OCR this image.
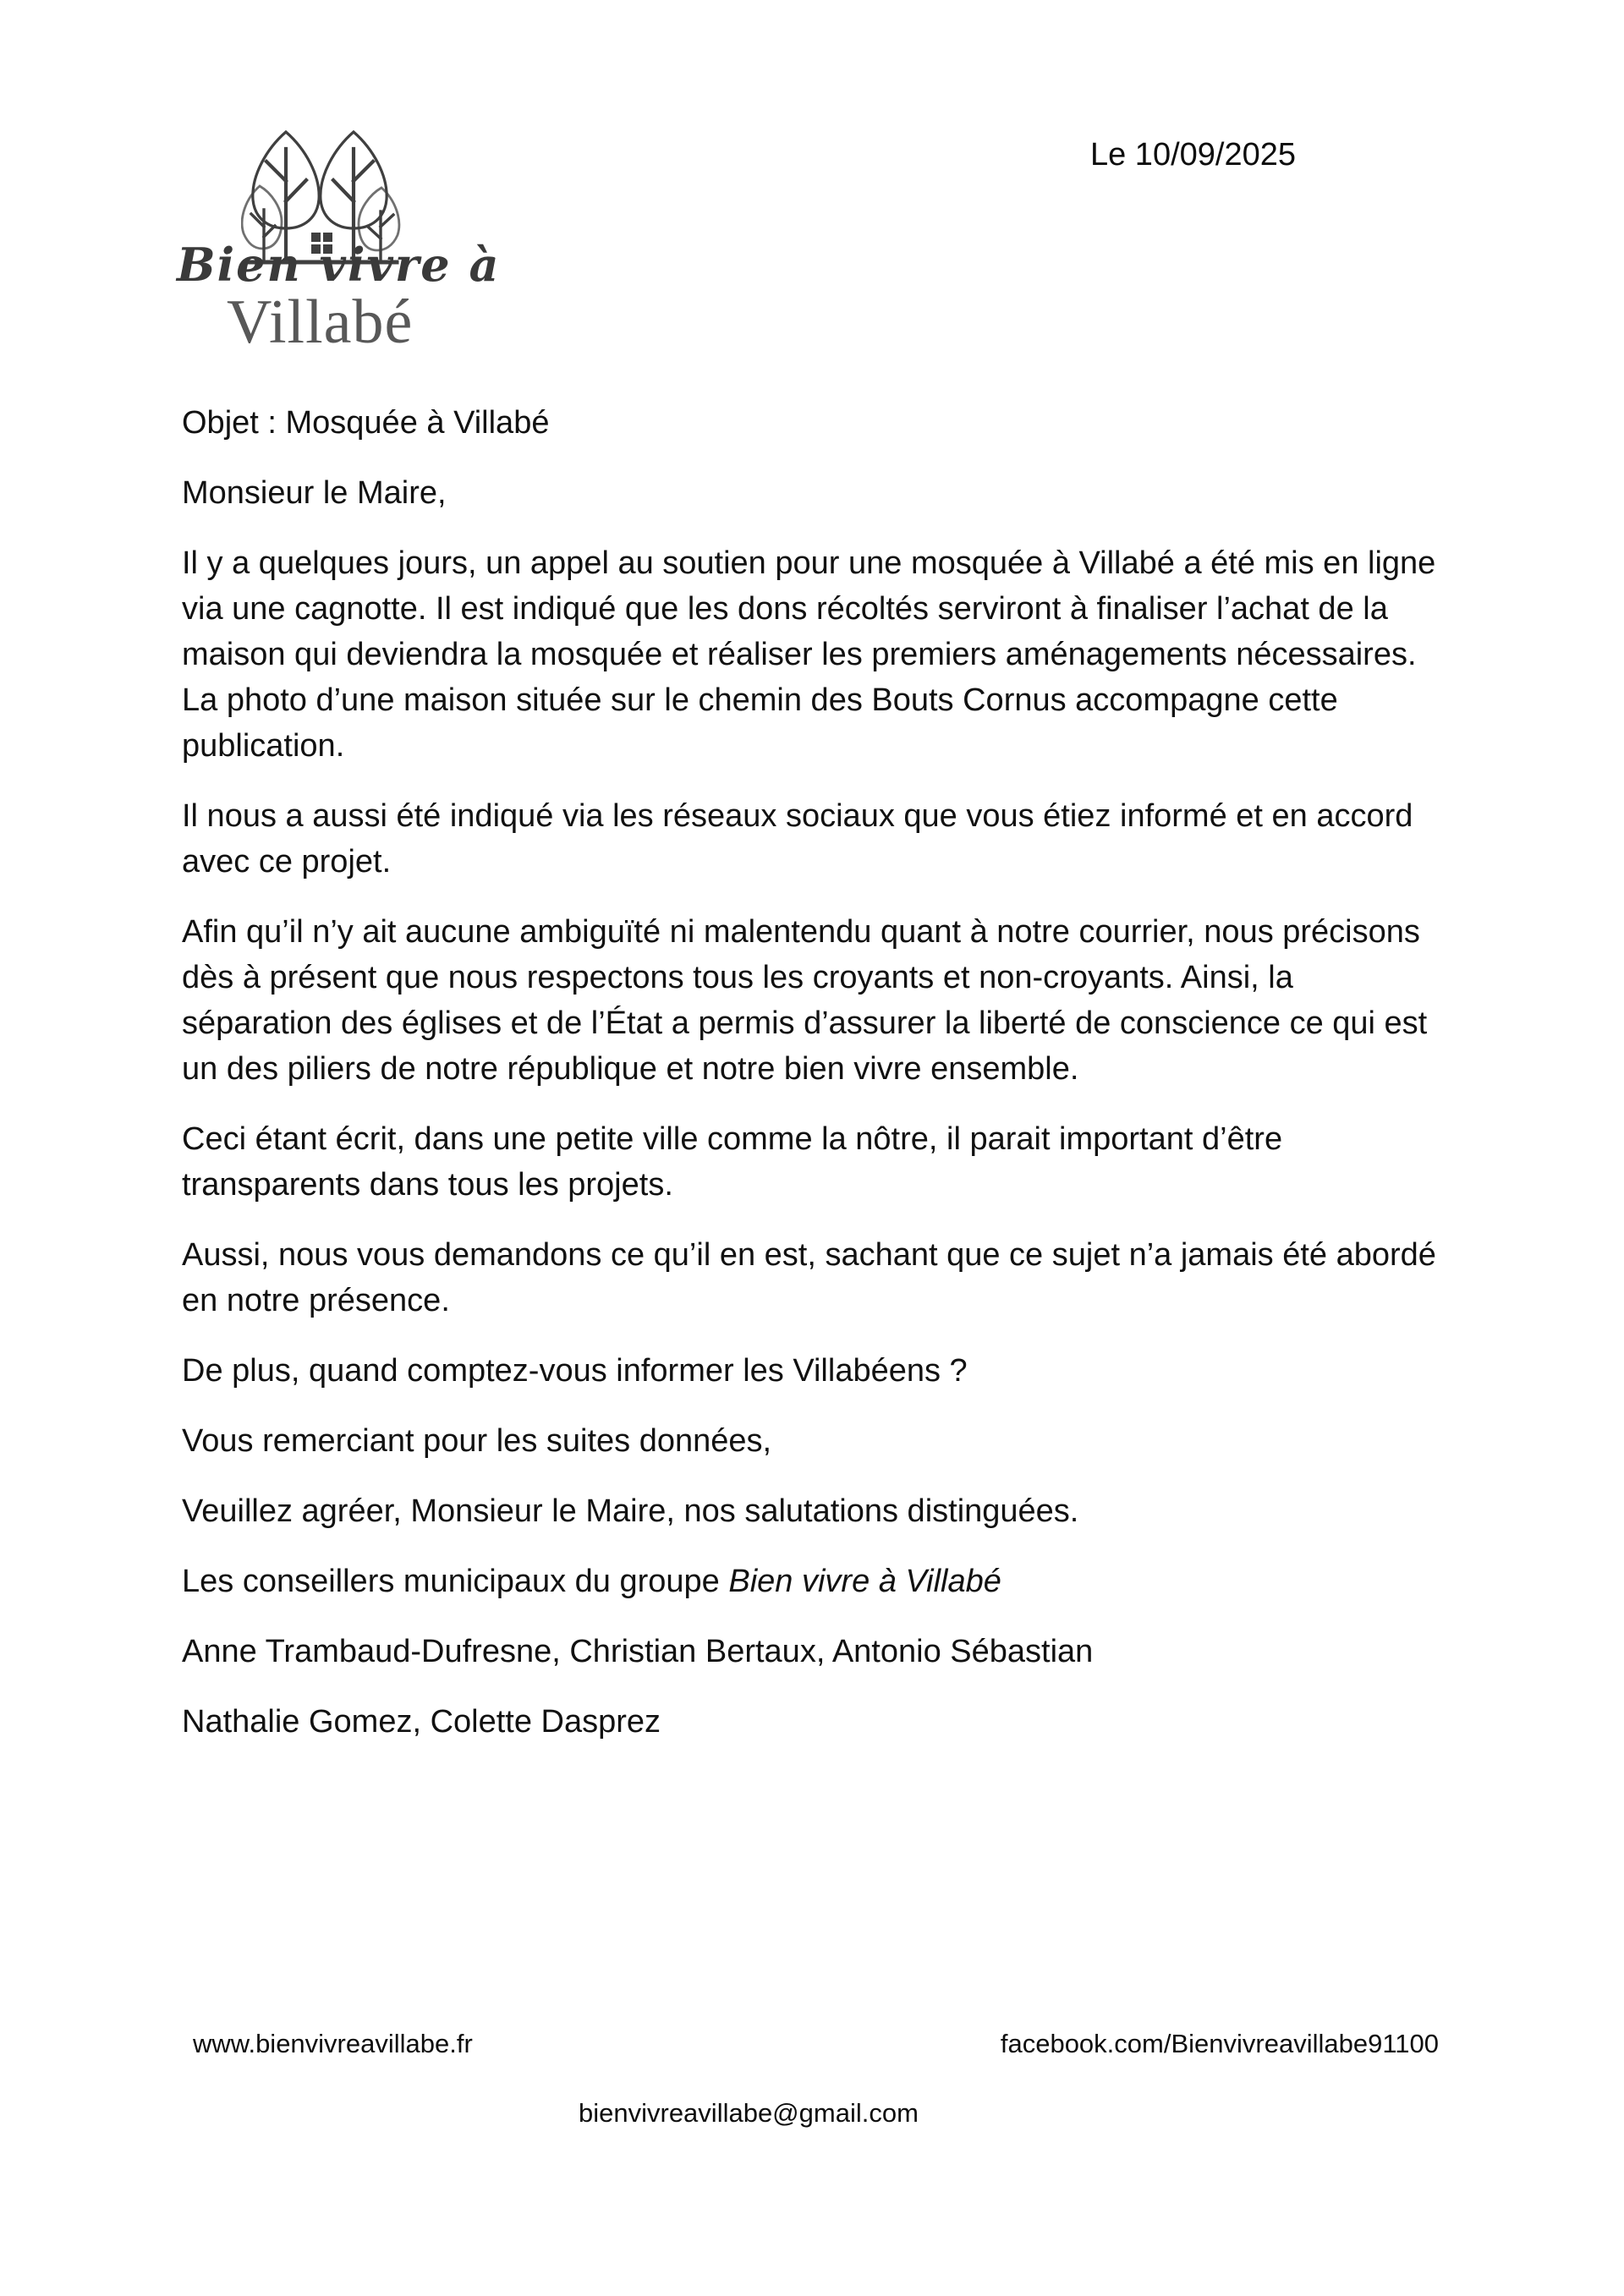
Le 10/09/2025
Bien vivre à
Villabé

Objet : Mosquée à Villabé

Monsieur le Maire,

Il y a quelques jours, un appel au soutien pour une mosquée à Villabé a été mis en ligne via une cagnotte. Il est indiqué que les dons récoltés serviront à finaliser l’achat de la maison qui deviendra la mosquée et réaliser les premiers aménagements nécessaires. La photo d’une maison située sur le chemin des Bouts Cornus accompagne cette publication.

Il nous a aussi été indiqué via les réseaux sociaux que vous étiez informé et en accord avec ce projet.

Afin qu’il n’y ait aucune ambiguïté ni malentendu quant à notre courrier, nous précisons dès à présent que nous respectons tous les croyants et non-croyants. Ainsi, la séparation des églises et de l’État a permis d’assurer la liberté de conscience ce qui est un des piliers de notre république et notre bien vivre ensemble.

Ceci étant écrit, dans une petite ville comme la nôtre, il parait important d’être transparents dans tous les projets.

Aussi, nous vous demandons ce qu’il en est, sachant que ce sujet n’a jamais été abordé en notre présence.

De plus, quand comptez-vous informer les Villabéens ?

Vous remerciant pour les suites données,

Veuillez agréer, Monsieur le Maire, nos salutations distinguées.

Les conseillers municipaux du groupe Bien vivre à Villabé

Anne Trambaud-Dufresne, Christian Bertaux, Antonio Sébastian

Nathalie Gomez, Colette Dasprez

www.bienvivreavillabe.fr	facebook.com/Bienvivreavillabe91100
bienvivreavillabe@gmail.com
